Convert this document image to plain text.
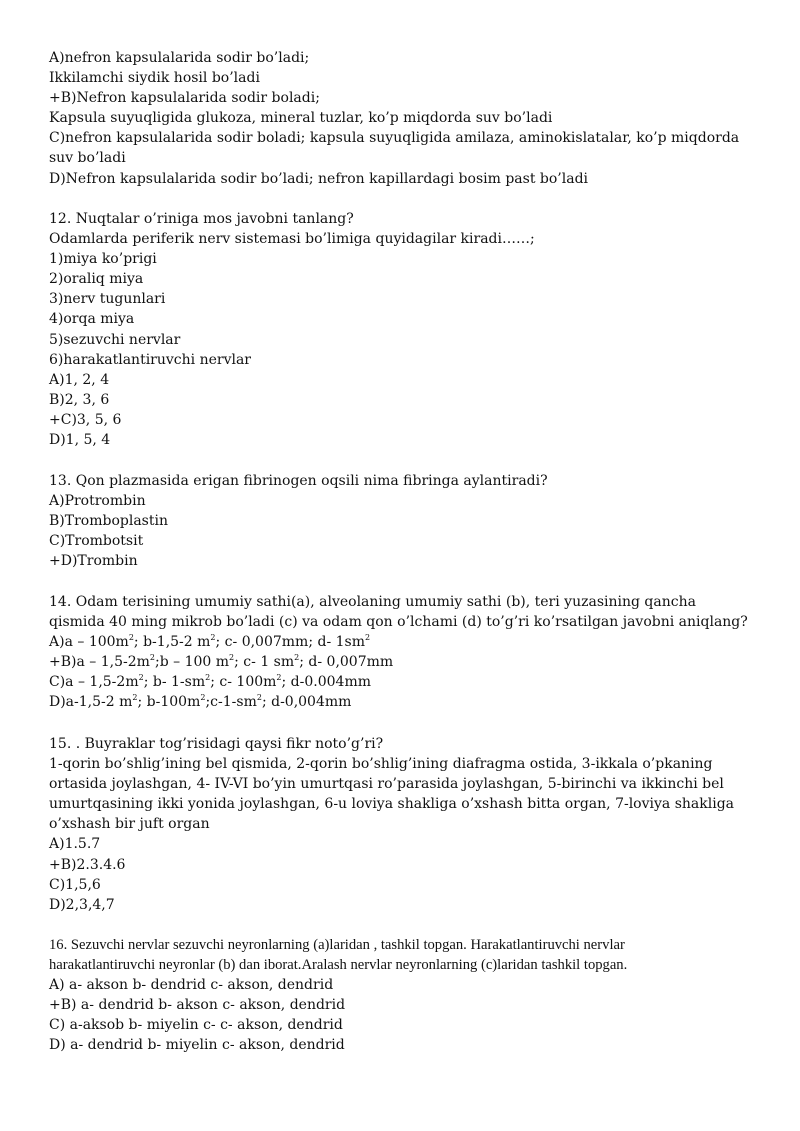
A)nefron kapsulalarida sodir bo’ladi;
Ikkilamchi siydik hosil bo’ladi
+B)Nefron kapsulalarida sodir boladi;
Kapsula suyuqligida glukoza, mineral tuzlar, ko’p miqdorda suv bo’ladi
C)nefron kapsulalarida sodir boladi; kapsula suyuqligida amilaza, aminokislatalar, ko’p miqdorda
suv bo’ladi
D)Nefron kapsulalarida sodir bo’ladi; nefron kapillardagi bosim past bo’ladi
12. Nuqtalar o’riniga mos javobni tanlang?
Odamlarda periferik nerv sistemasi bo’limiga quyidagilar kiradi……;
1)miya ko’prigi
2)oraliq miya
3)nerv tugunlari
4)orqa miya
5)sezuvchi nervlar
6)harakatlantiruvchi nervlar
A)1, 2, 4
B)2, 3, 6
+C)3, 5, 6
D)1, 5, 4
13. Qon plazmasida erigan fibrinogen oqsili nima fibringa aylantiradi?
A)Protrombin
B)Tromboplastin
C)Trombotsit
+D)Trombin
14. Odam terisining umumiy sathi(a), alveolaning umumiy sathi (b), teri yuzasining qancha
qismida 40 ming mikrob bo’ladi (c) va odam qon o’lchami (d) to’g’ri ko’rsatilgan javobni aniqlang?
$A)a - 100m^2$; b-1,5-2 $m^2$; c- 0,007mm; d- $1sm^2$
$+B)a - 1,5-2m^2;b - 100$ $m^2$; c- 1 $sm^2$; d- 0,007mm
$C)a - 1,5-2m^2$; b- $1-sm^2$; c- $100m^2$; d-0.004mm
D)a-1,5-2 $m^2$; $b-100m^2;c-1-sm^2$; d-0,004mm
15. . Buyraklar tog’risidagi qaysi fikr noto’g’ri?
1-qorin bo’shlig’ining bel qismida, 2-qorin bo’shlig’ining diafragma ostida, 3-ikkala o’pkaning
ortasida joylashgan, 4- IV-VI bo’yin umurtqasi ro’parasida joylashgan, 5-birinchi va ikkinchi bel
umurtqasining ikki yonida joylashgan, 6-u loviya shakliga o’xshash bitta organ, 7-loviya shakliga
o’xshash bir juft organ
A)1.5.7
+B)2.3.4.6
C)1,5,6
D)2,3,4,7
16. Sezuvchi nervlar sezuvchi neyronlarning (a)laridan , tashkil topgan. Harakatlantiruvchi nervlar
harakatlantiruvchi neyronlar (b) dan iborat.Aralash nervlar neyronlarning (c)laridan tashkil topgan.
A) a- akson b- dendrid c- akson, dendrid
+B) a- dendrid b- akson c- akson, dendrid
C) a-aksob b- miyelin c- c- akson, dendrid
D) a- dendrid b- miyelin c- akson, dendrid
